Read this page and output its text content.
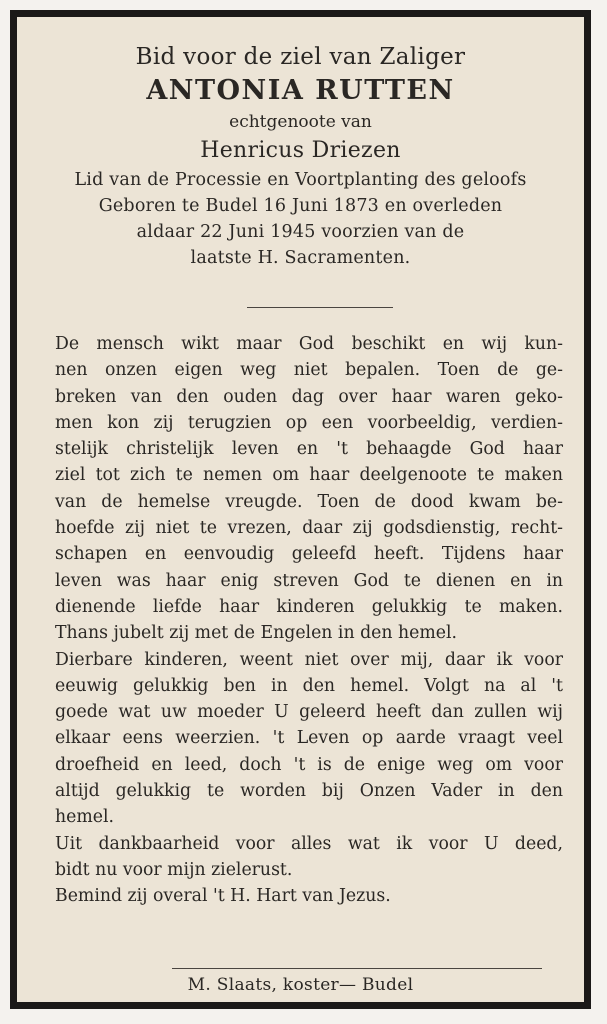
Bid voor de ziel van Zaliger
ANTONIA RUTTEN
echtgenoote van
Henricus Driezen
Lid van de Processie en Voortplanting des geloofs
Geboren te Budel 16 Juni 1873 en overleden
aldaar 22 Juni 1945 voorzien van de
laatste H. Sacramenten.
De mensch wikt maar God beschikt en wij kun-
nen onzen eigen weg niet bepalen. Toen de ge-
breken van den ouden dag over haar waren geko-
men kon zij terugzien op een voorbeeldig, verdien-
stelijk christelijk leven en 't behaagde God haar
ziel tot zich te nemen om haar deelgenoote te maken
van de hemelse vreugde. Toen de dood kwam be-
hoefde zij niet te vrezen, daar zij godsdienstig, recht-
schapen en eenvoudig geleefd heeft. Tijdens haar
leven was haar enig streven God te dienen en in
dienende liefde haar kinderen gelukkig te maken.
Thans jubelt zij met de Engelen in den hemel.
Dierbare kinderen, weent niet over mij, daar ik voor
eeuwig gelukkig ben in den hemel. Volgt na al 't
goede wat uw moeder U geleerd heeft dan zullen wij
elkaar eens weerzien. 't Leven op aarde vraagt veel
droefheid en leed, doch 't is de enige weg om voor
altijd gelukkig te worden bij Onzen Vader in den
hemel.
Uit dankbaarheid voor alles wat ik voor U deed,
bidt nu voor mijn zielerust.
Bemind zij overal 't H. Hart van Jezus.
M. Slaats, koster— Budel
